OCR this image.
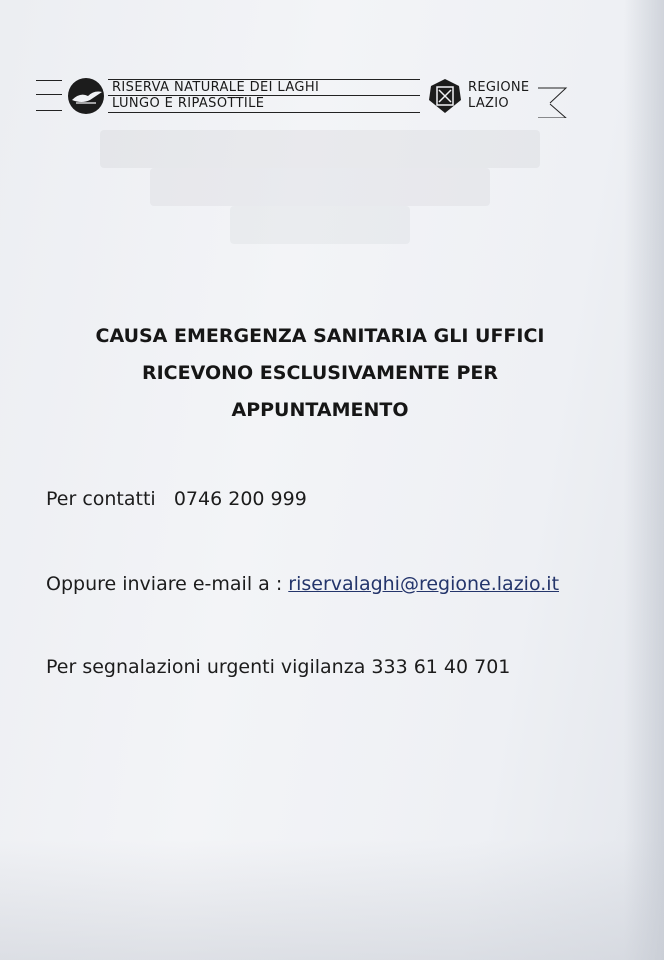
RISERVA NATURALE DEI LAGHI
LUNGO E RIPASOTTILE
REGIONE
LAZIO
CAUSA EMERGENZA SANITARIA GLI UFFICI
RICEVONO ESCLUSIVAMENTE PER
APPUNTAMENTO
Per contatti 0746 200 999
Oppure inviare e-mail a : riservalaghi@regione.lazio.it
Per segnalazioni urgenti vigilanza 333 61 40 701
